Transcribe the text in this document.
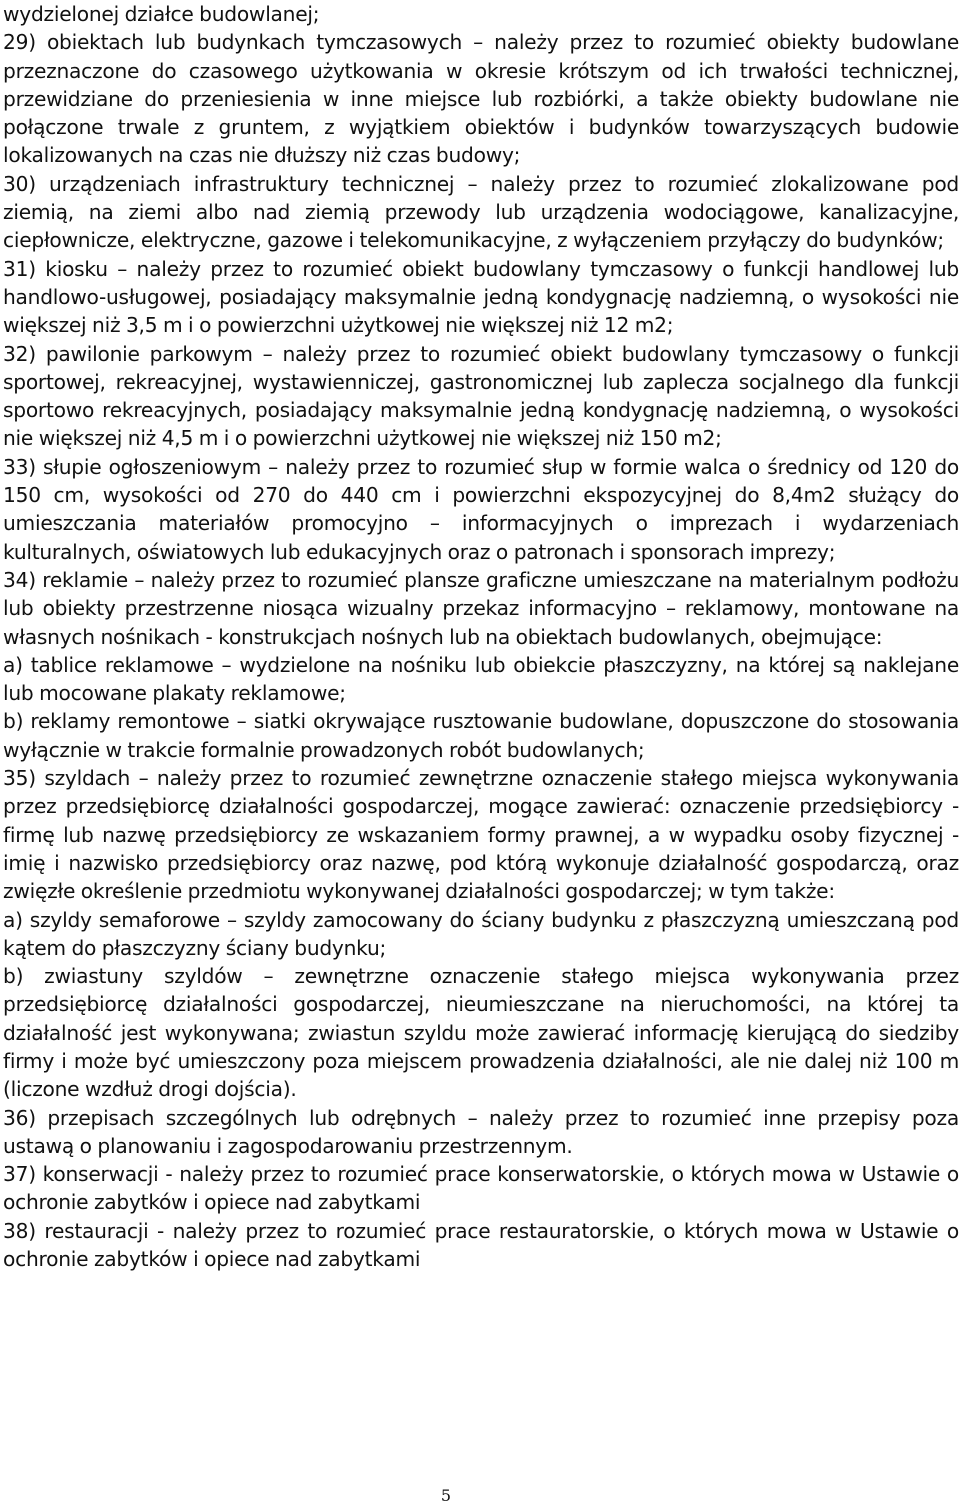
wydzielonej działce budowlanej;

29) obiektach lub budynkach tymczasowych – należy przez to rozumieć obiekty budowlane przeznaczone do czasowego użytkowania w okresie krótszym od ich trwałości technicznej, przewidziane do przeniesienia w inne miejsce lub rozbiórki, a także obiekty budowlane nie połączone trwale z gruntem, z wyjątkiem obiektów i budynków towarzyszących budowie lokalizowanych na czas nie dłuższy niż czas budowy;

30) urządzeniach infrastruktury technicznej – należy przez to rozumieć zlokalizowane pod ziemią, na ziemi albo nad ziemią przewody lub urządzenia wodociągowe, kanalizacyjne, ciepłownicze, elektryczne, gazowe i telekomunikacyjne, z wyłączeniem przyłączy do budynków;

31) kiosku – należy przez to rozumieć obiekt budowlany tymczasowy o funkcji handlowej lub handlowo-usługowej, posiadający maksymalnie jedną kondygnację nadziemną, o wysokości nie większej niż 3,5 m i o powierzchni użytkowej nie większej niż 12 m2;

32) pawilonie parkowym – należy przez to rozumieć obiekt budowlany tymczasowy o funkcji sportowej, rekreacyjnej, wystawienniczej, gastronomicznej lub zaplecza socjalnego dla funkcji sportowo rekreacyjnych, posiadający maksymalnie jedną kondygnację nadziemną, o wysokości nie większej niż 4,5 m i o powierzchni użytkowej nie większej niż 150 m2;

33) słupie ogłoszeniowym – należy przez to rozumieć słup w formie walca o średnicy od 120 do 150 cm, wysokości od 270 do 440 cm i powierzchni ekspozycyjnej do 8,4m2 służący do umieszczania materiałów promocyjno – informacyjnych o imprezach i wydarzeniach kulturalnych, oświatowych lub edukacyjnych oraz o patronach i sponsorach imprezy;

34) reklamie – należy przez to rozumieć plansze graficzne umieszczane na materialnym podłożu lub obiekty przestrzenne niosąca wizualny przekaz informacyjno – reklamowy, montowane na własnych nośnikach - konstrukcjach nośnych lub na obiektach budowlanych, obejmujące:

a) tablice reklamowe – wydzielone na nośniku lub obiekcie płaszczyzny, na której są naklejane lub mocowane plakaty reklamowe;

b) reklamy remontowe – siatki okrywające rusztowanie budowlane, dopuszczone do stosowania wyłącznie w trakcie formalnie prowadzonych robót budowlanych;

35) szyldach – należy przez to rozumieć zewnętrzne oznaczenie stałego miejsca wykonywania przez przedsiębiorcę działalności gospodarczej, mogące zawierać: oznaczenie przedsiębiorcy - firmę lub nazwę przedsiębiorcy ze wskazaniem formy prawnej, a w wypadku osoby fizycznej - imię i nazwisko przedsiębiorcy oraz nazwę, pod którą wykonuje działalność gospodarczą, oraz zwięzłe określenie przedmiotu wykonywanej działalności gospodarczej; w tym także:

a) szyldy semaforowe – szyldy zamocowany do ściany budynku z płaszczyzną umieszczaną pod kątem do płaszczyzny ściany budynku;

b) zwiastuny szyldów – zewnętrzne oznaczenie stałego miejsca wykonywania przez przedsiębiorcę działalności gospodarczej, nieumieszczane na nieruchomości, na której ta działalność jest wykonywana; zwiastun szyldu może zawierać informację kierującą do siedziby firmy i może być umieszczony poza miejscem prowadzenia działalności, ale nie dalej niż 100 m (liczone wzdłuż drogi dojścia).

36) przepisach szczególnych lub odrębnych – należy przez to rozumieć inne przepisy poza ustawą o planowaniu i zagospodarowaniu przestrzennym.

37) konserwacji - należy przez to rozumieć prace konserwatorskie, o których mowa w Ustawie o ochronie zabytków i opiece nad zabytkami

38) restauracji - należy przez to rozumieć prace restauratorskie, o których mowa w Ustawie o ochronie zabytków i opiece nad zabytkami

5
